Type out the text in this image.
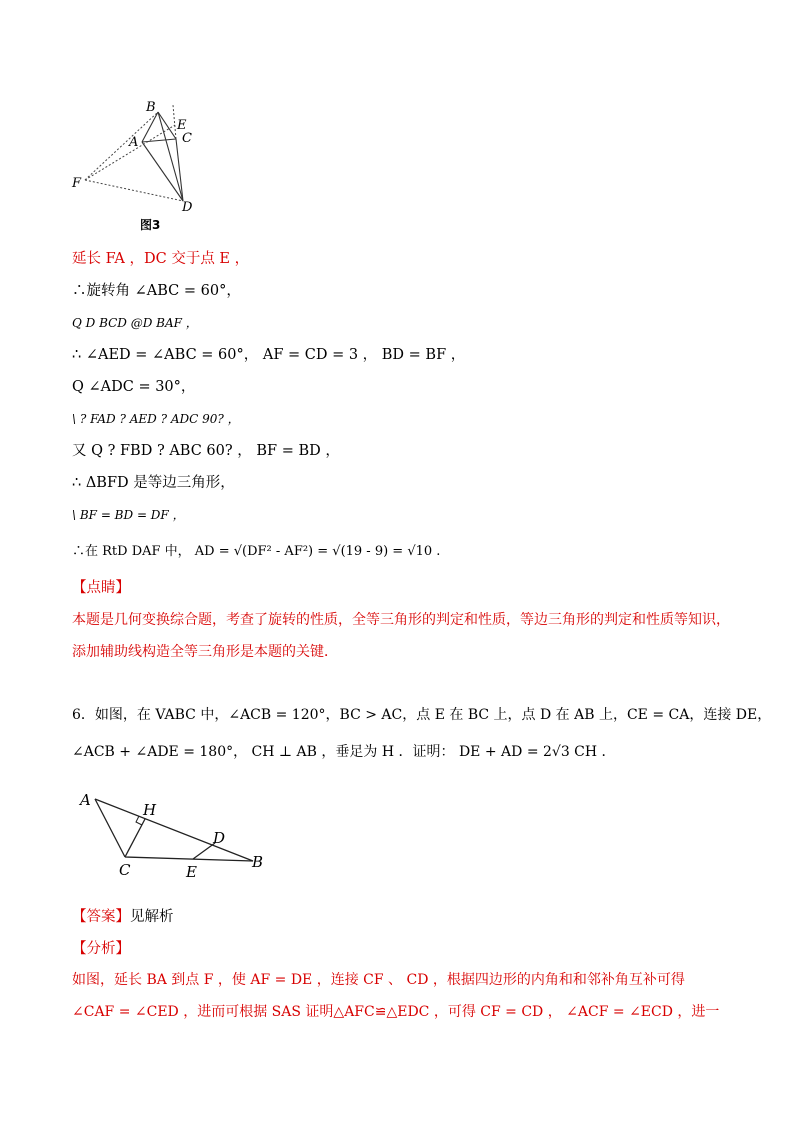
B
E
C
A
F
D
图3
延长 FA ，DC 交于点 E ，
∴旋转角 ∠ABC = 60°，
Q D BCD @D BAF ，
∴ ∠AED = ∠ABC = 60°， AF = CD = 3 ， BD = BF ，
Q ∠ADC = 30°，
\ ? FAD ? AED ? ADC 90? ，
又 Q ? FBD ? ABC 60? ， BF = BD ，
∴ ΔBFD 是等边三角形，
\ BF = BD = DF ，
∴在 RtD DAF 中， AD = √(DF² - AF²) = √(19 - 9) = √10 .
【点睛】
本题是几何变换综合题，考查了旋转的性质，全等三角形的判定和性质，等边三角形的判定和性质等知识，
添加辅助线构造全等三角形是本题的关键．
6．如图，在 VABC 中，∠ACB = 120°，BC > AC，点 E 在 BC 上，点 D 在 AB 上，CE = CA，连接 DE，
∠ACB + ∠ADE = 180°， CH ⊥ AB ，垂足为 H ．证明： DE + AD = 2√3 CH ．
A
H
D
C	E
B
【答案】见解析
【分析】
如图，延长 BA 到点 F ，使 AF = DE ，连接 CF 、 CD ，根据四边形的内角和和邻补角互补可得
∠CAF = ∠CED ，进而可根据 SAS 证明△AFC≌△EDC ，可得 CF = CD ， ∠ACF = ∠ECD ，进一
